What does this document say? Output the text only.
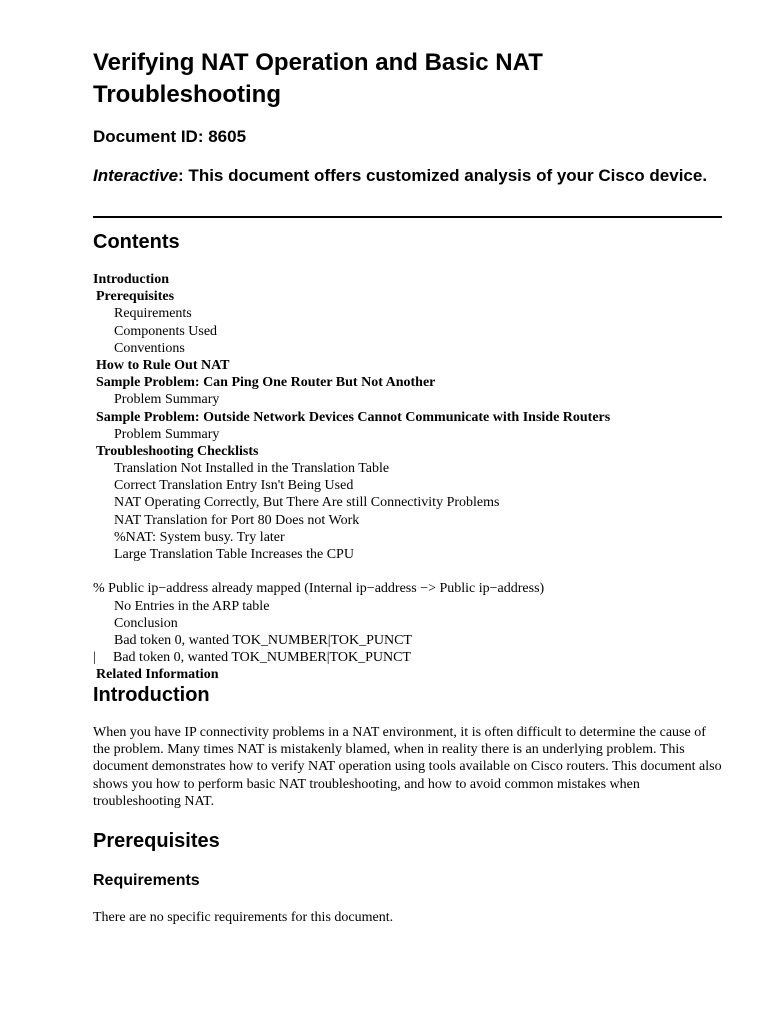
Verifying NAT Operation and Basic NAT Troubleshooting

Document ID: 8605

Interactive: This document offers customized analysis of your Cisco device.

Contents
Introduction
Prerequisites
Requirements
Components Used
Conventions
How to Rule Out NAT
Sample Problem: Can Ping One Router But Not Another
Problem Summary
Sample Problem: Outside Network Devices Cannot Communicate with Inside Routers
Problem Summary
Troubleshooting Checklists
Translation Not Installed in the Translation Table
Correct Translation Entry Isn't Being Used
NAT Operating Correctly, But There Are still Connectivity Problems
NAT Translation for Port 80 Does not Work
%NAT: System busy. Try later
Large Translation Table Increases the CPU
% Public ip−address already mapped (Internal ip−address −> Public ip−address)
No Entries in the ARP table
Conclusion
Bad token 0, wanted TOK_NUMBER|TOK_PUNCT
| Bad token 0, wanted TOK_NUMBER|TOK_PUNCT
Related Information
Introduction

When you have IP connectivity problems in a NAT environment, it is often difficult to determine the cause of the problem. Many times NAT is mistakenly blamed, when in reality there is an underlying problem. This document demonstrates how to verify NAT operation using tools available on Cisco routers. This document also shows you how to perform basic NAT troubleshooting, and how to avoid common mistakes when troubleshooting NAT.

Prerequisites
Requirements

There are no specific requirements for this document.
